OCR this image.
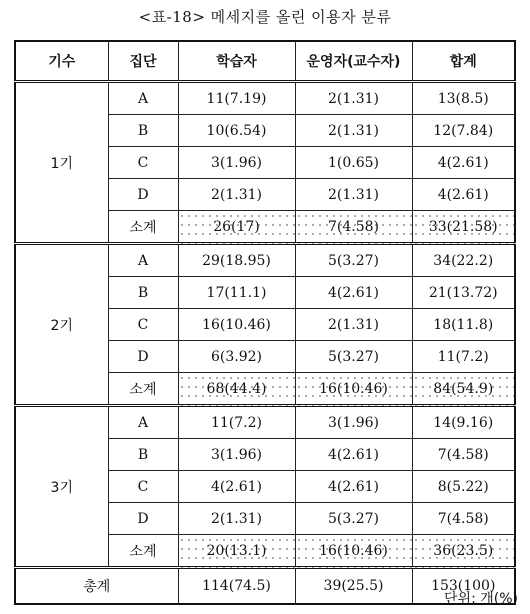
<표-18> 메세지를 올린 이용자 분류
기수	집단	학습자	운영자(교수자)	합계
1기	A	11(7.19)	2(1.31)	13(8.5)
	B	10(6.54)	2(1.31)	12(7.84)
	C	3(1.96)	1(0.65)	4(2.61)
	D	2(1.31)	2(1.31)	4(2.61)
	소계	26(17)	7(4.58)	33(21.58)
2기	A	29(18.95)	5(3.27)	34(22.2)
	B	17(11.1)	4(2.61)	21(13.72)
	C	16(10.46)	2(1.31)	18(11.8)
	D	6(3.92)	5(3.27)	11(7.2)
	소계	68(44.4)	16(10.46)	84(54.9)
3기	A	11(7.2)	3(1.96)	14(9.16)
	B	3(1.96)	4(2.61)	7(4.58)
	C	4(2.61)	4(2.61)	8(5.22)
	D	2(1.31)	5(3.27)	7(4.58)
	소계	20(13.1)	16(10.46)	36(23.5)
총계		114(74.5)	39(25.5)	153(100)
단위: 개(%)
